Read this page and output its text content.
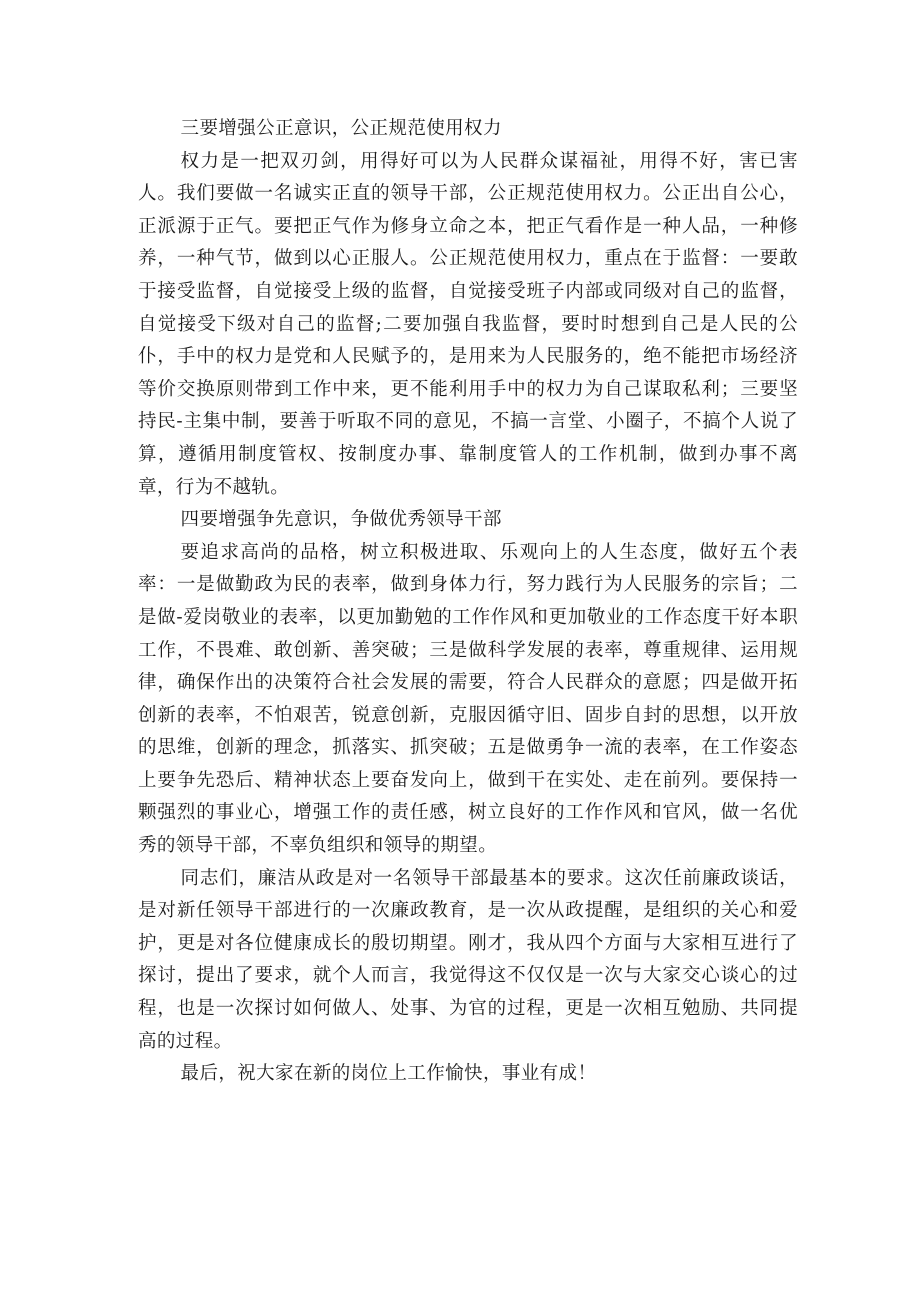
三要增强公正意识，公正规范使用权力

权力是一把双刃剑，用得好可以为人民群众谋福祉，用得不好，害已害人。我们要做一名诚实正直的领导干部，公正规范使用权力。公正出自公心，正派源于正气。要把正气作为修身立命之本，把正气看作是一种人品，一种修养，一种气节，做到以心正服人。公正规范使用权力，重点在于监督：一要敢于接受监督，自觉接受上级的监督，自觉接受班子内部或同级对自己的监督，自觉接受下级对自己的监督;二要加强自我监督，要时时想到自己是人民的公仆，手中的权力是党和人民赋予的，是用来为人民服务的，绝不能把市场经济等价交换原则带到工作中来，更不能利用手中的权力为自己谋取私利；三要坚持民-主集中制，要善于听取不同的意见，不搞一言堂、小圈子，不搞个人说了算，遵循用制度管权、按制度办事、靠制度管人的工作机制，做到办事不离章，行为不越轨。

四要增强争先意识，争做优秀领导干部

要追求高尚的品格，树立积极进取、乐观向上的人生态度，做好五个表率：一是做勤政为民的表率，做到身体力行，努力践行为人民服务的宗旨；二是做-爱岗敬业的表率，以更加勤勉的工作作风和更加敬业的工作态度干好本职工作，不畏难、敢创新、善突破；三是做科学发展的表率，尊重规律、运用规律，确保作出的决策符合社会发展的需要，符合人民群众的意愿；四是做开拓创新的表率，不怕艰苦，锐意创新，克服因循守旧、固步自封的思想，以开放的思维，创新的理念，抓落实、抓突破；五是做勇争一流的表率，在工作姿态上要争先恐后、精神状态上要奋发向上，做到干在实处、走在前列。要保持一颗强烈的事业心，增强工作的责任感，树立良好的工作作风和官风，做一名优秀的领导干部，不辜负组织和领导的期望。

同志们，廉洁从政是对一名领导干部最基本的要求。这次任前廉政谈话，是对新任领导干部进行的一次廉政教育，是一次从政提醒，是组织的关心和爱护，更是对各位健康成长的殷切期望。刚才，我从四个方面与大家相互进行了探讨，提出了要求，就个人而言，我觉得这不仅仅是一次与大家交心谈心的过程，也是一次探讨如何做人、处事、为官的过程，更是一次相互勉励、共同提高的过程。

最后，祝大家在新的岗位上工作愉快，事业有成！
